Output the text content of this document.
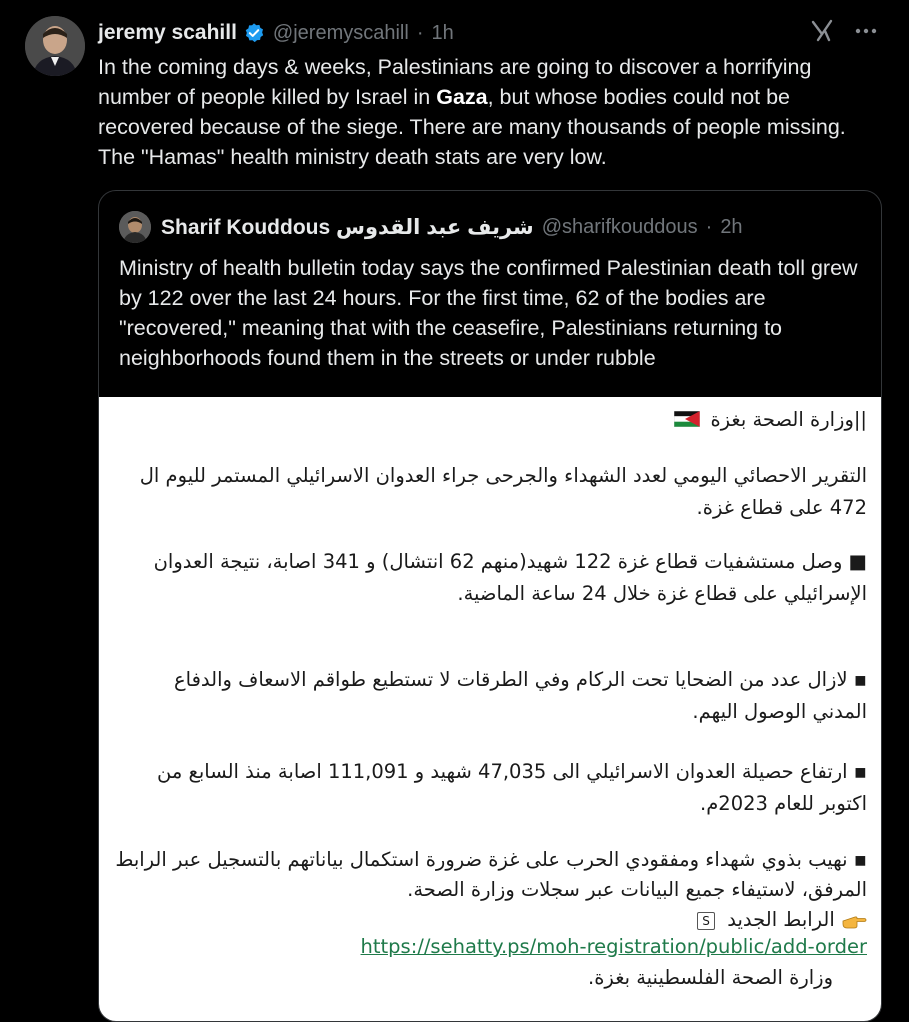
jeremy scahill @jeremyscahill · 1h
In the coming days & weeks, Palestinians are going to discover a horrifying number of people killed by Israel in Gaza, but whose bodies could not be recovered because of the siege. There are many thousands of people missing. The "Hamas" health ministry death stats are very low.
Sharif Kouddous شريف عبد القدوس @sharifkouddous · 2h
Ministry of health bulletin today says the confirmed Palestinian death toll grew by 122 over the last 24 hours. For the first time, 62 of the bodies are "recovered," meaning that with the ceasefire, Palestinians returning to neighborhoods found them in the streets or under rubble
||وزارة الصحة بغزة
التقرير الاحصائي اليومي لعدد الشهداء والجرحى جراء العدوان الاسرائيلي المستمر لليوم ال
472 على قطاع غزة.
■ وصل مستشفيات قطاع غزة 122 شهيد(منهم 62 انتشال) و 341 اصابة، نتيجة العدوان
الإسرائيلي على قطاع غزة خلال 24 ساعة الماضية.
▪ لازال عدد من الضحايا تحت الركام وفي الطرقات لا تستطيع طواقم الاسعاف والدفاع
المدني الوصول اليهم.
▪ ارتفاع حصيلة العدوان الاسرائيلي الى 47,035 شهيد و 111,091 اصابة منذ السابع من
اكتوبر للعام 2023م.
▪ نهيب بذوي شهداء ومفقودي الحرب على غزة ضرورة استكمال بياناتهم بالتسجيل عبر الرابط
المرفق، لاستيفاء جميع البيانات عبر سجلات وزارة الصحة.
الرابط الجديد S
https://sehatty.ps/moh-registration/public/add-order
وزارة الصحة الفلسطينية بغزة.
